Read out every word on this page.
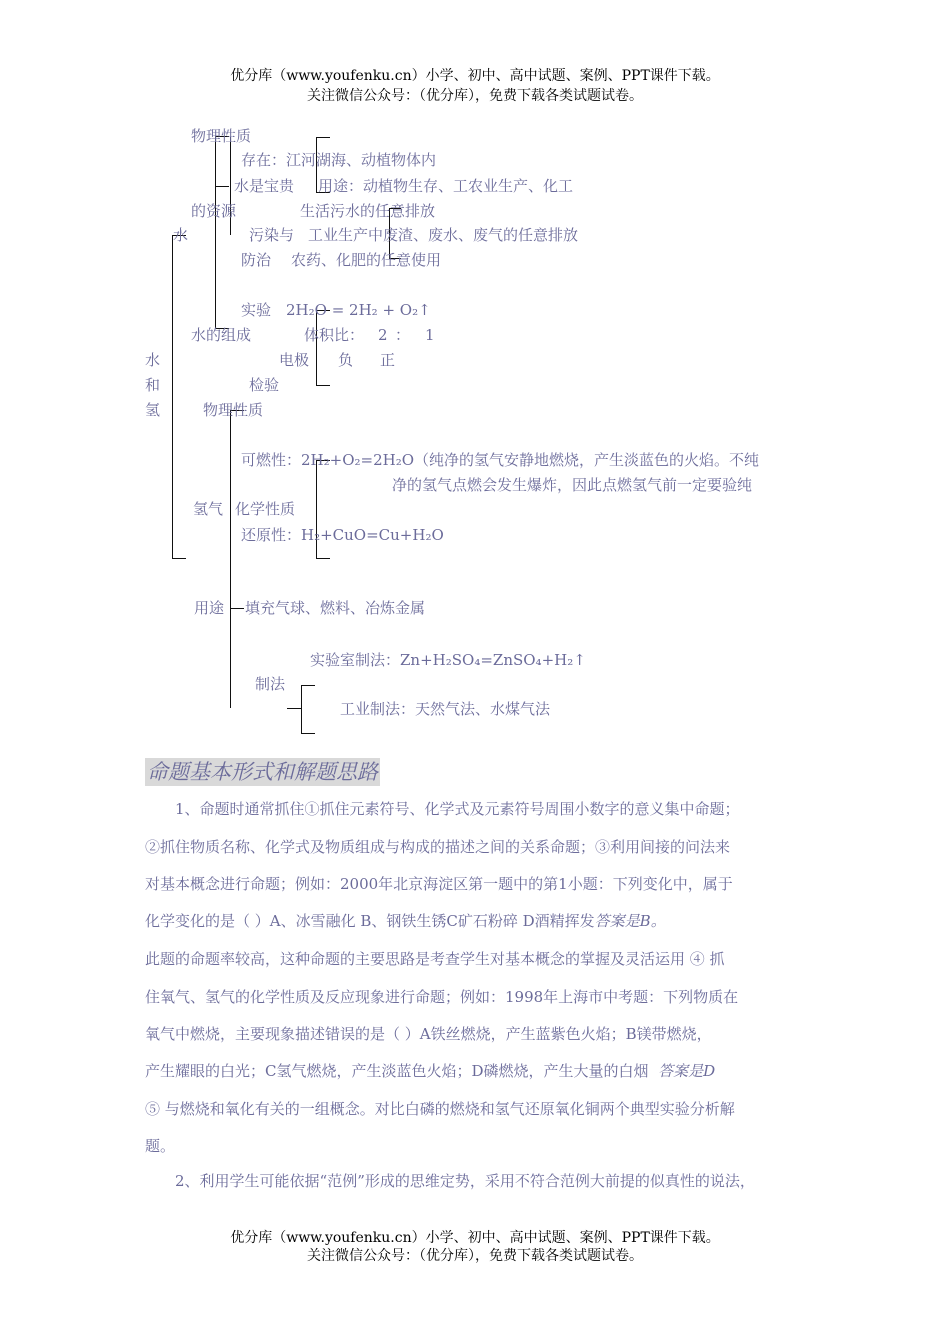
优分库（www.youfenku.cn）小学、初中、高中试题、案例、PPT课件下载。
关注微信公众号：（优分库），免费下载各类试题试卷。
物理性质
存在：江河湖海、动植物体内
水是宝贵 用途：动植物生存、工农业生产、化工
的资源	生活污水的任意排放
水	污染与 工业生产中废渣、废水、废气的任意排放
防治 农药、化肥的任意使用
实验 2H₂O = 2H₂ + O₂↑
水的组成	体积比： 2 ： 1
电极 负 正
检验
水
和
氢	物理性质
可燃性：2H₂+O₂=2H₂O（纯净的氢气安静地燃烧，产生淡蓝色的火焰。不纯
净的氢气点燃会发生爆炸，因此点燃氢气前一定要验纯
氢气 化学性质
还原性：H₂+CuO=Cu+H₂O
用途 填充气球、燃料、冶炼金属
实验室制法：Zn+H₂SO₄=ZnSO₄+H₂↑
制法
工业制法：天然气法、水煤气法
命题基本形式和解题思路
1、命题时通常抓住①抓住元素符号、化学式及元素符号周围小数字的意义集中命题；
②抓住物质名称、化学式及物质组成与构成的描述之间的关系命题；③利用间接的问法来
对基本概念进行命题；例如：2000年北京海淀区第一题中的第1小题：下列变化中，属于
化学变化的是（ ）A、冰雪融化 B、钢铁生锈C矿石粉碎 D酒精挥发答案是B。
此题的命题率较高，这种命题的主要思路是考查学生对基本概念的掌握及灵活运用 ④ 抓
住氧气、氢气的化学性质及反应现象进行命题；例如：1998年上海市中考题：下列物质在
氧气中燃烧，主要现象描述错误的是（ ）A铁丝燃烧，产生蓝紫色火焰；B镁带燃烧，
产生耀眼的白光；C氢气燃烧，产生淡蓝色火焰；D磷燃烧，产生大量的白烟 答案是D
⑤ 与燃烧和氧化有关的一组概念。对比白磷的燃烧和氢气还原氧化铜两个典型实验分析解
题。
2、利用学生可能依据“范例”形成的思维定势，采用不符合范例大前提的似真性的说法，
优分库（www.youfenku.cn）小学、初中、高中试题、案例、PPT课件下载。
关注微信公众号：（优分库），免费下载各类试题试卷。
